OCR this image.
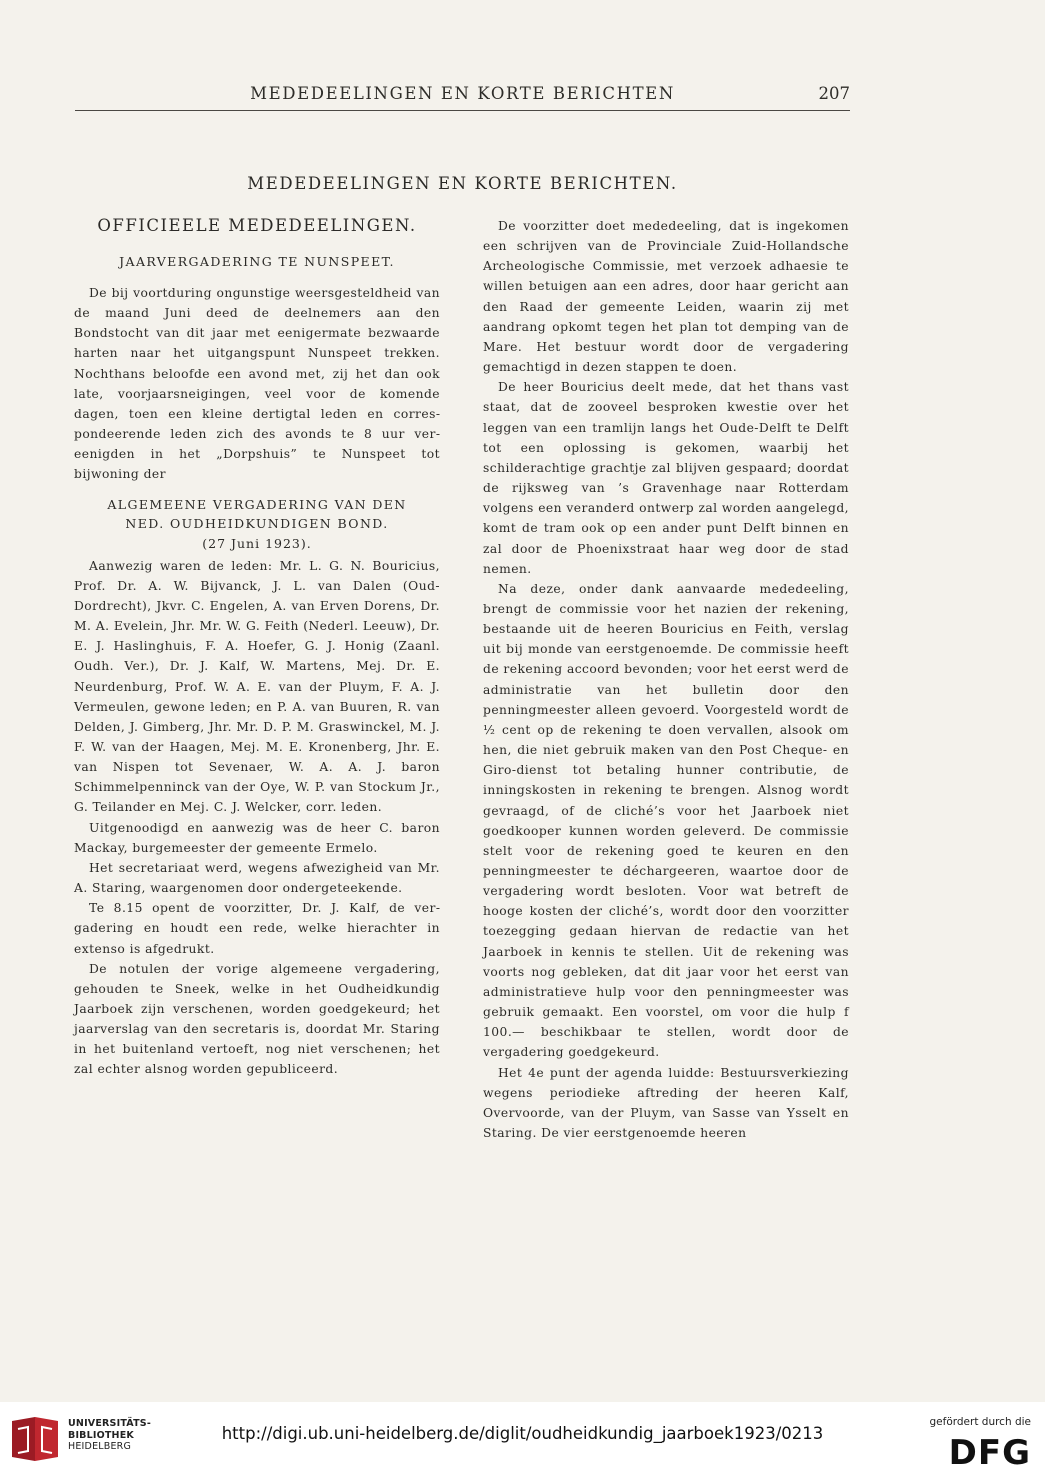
MEDEDEELINGEN EN KORTE BERICHTEN	207
MEDEDEELINGEN EN KORTE BERICHTEN.
OFFICIEELE MEDEDEELINGEN.
JAARVERGADERING TE NUNSPEET.

De bij voortduring ongunstige weersgesteldheid van de maand Juni deed de deelnemers aan den Bondstocht van dit jaar met eenigermate bezwaarde harten naar het uitgangspunt Nunspeet trekken. Nochthans beloofde een avond met, zij het dan ook late, voorjaarsneigingen, veel voor de komende dagen, toen een kleine dertigtal leden en correspondeerende leden zich des avonds te 8 uur vereenigden in het „Dorpshuis” te Nunspeet tot bijwoning der

ALGEMEENE VERGADERING VAN DEN
NED. OUDHEIDKUNDIGEN BOND.
(27 Juni 1923).

Aanwezig waren de leden: Mr. L. G. N. Bouricius, Prof. Dr. A. W. Bijvanck, J. L. van Dalen (Oud-Dordrecht), Jkvr. C. Engelen, A. van Erven Dorens, Dr. M. A. Evelein, Jhr. Mr. W. G. Feith (Nederl. Leeuw), Dr. E. J. Haslinghuis, F. A. Hoefer, G. J. Honig (Zaanl. Oudh. Ver.), Dr. J. Kalf, W. Martens, Mej. Dr. E. Neurdenburg, Prof. W. A. E. van der Pluym, F. A. J. Vermeulen, gewone leden; en P. A. van Buuren, R. van Delden, J. Gimberg, Jhr. Mr. D. P. M. Graswinckel, M. J. F. W. van der Haagen, Mej. M. E. Kronenberg, Jhr. E. van Nispen tot Sevenaer, W. A. A. J. baron Schimmelpenninck van der Oye, W. P. van Stockum Jr., G. Teilander en Mej. C. J. Welcker, corr. leden.

Uitgenoodigd en aanwezig was de heer C. baron Mackay, burgemeester der gemeente Ermelo.

Het secretariaat werd, wegens afwezigheid van Mr. A. Staring, waargenomen door ondergeteekende.

Te 8.15 opent de voorzitter, Dr. J. Kalf, de vergadering en houdt een rede, welke hierachter in extenso is afgedrukt.

De notulen der vorige algemeene vergadering, gehouden te Sneek, welke in het Oudheidkundig Jaarboek zijn verschenen, worden goedgekeurd; het jaarverslag van den secretaris is, doordat Mr. Staring in het buitenland vertoeft, nog niet verschenen; het zal echter alsnog worden gepubliceerd.

De voorzitter doet mededeeling, dat is ingekomen een schrijven van de Provinciale Zuid-Hollandsche Archeologische Commissie, met verzoek adhaesie te willen betuigen aan een adres, door haar gericht aan den Raad der gemeente Leiden, waarin zij met aandrang opkomt tegen het plan tot demping van de Mare. Het bestuur wordt door de vergadering gemachtigd in dezen stappen te doen.

De heer Bouricius deelt mede, dat het thans vast staat, dat de zooveel besproken kwestie over het leggen van een tramlijn langs het Oude-Delft te Delft tot een oplossing is gekomen, waarbij het schilderachtige grachtje zal blijven gespaard; doordat de rijksweg van ’s Gravenhage naar Rotterdam volgens een veranderd ontwerp zal worden aangelegd, komt de tram ook op een ander punt Delft binnen en zal door de Phoenixstraat haar weg door de stad nemen.

Na deze, onder dank aanvaarde mededeeling, brengt de commissie voor het nazien der rekening, bestaande uit de heeren Bouricius en Feith, verslag uit bij monde van eerstgenoemde. De commissie heeft de rekening accoord bevonden; voor het eerst werd de administratie van het bulletin door den penningmeester alleen gevoerd. Voorgesteld wordt de ½ cent op de rekening te doen vervallen, alsook om hen, die niet gebruik maken van den Post Cheque- en Giro-dienst tot betaling hunner contributie, de inningskosten in rekening te brengen. Alsnog wordt gevraagd, of de cliché’s voor het Jaarboek niet goedkooper kunnen worden geleverd. De commissie stelt voor de rekening goed te keuren en den penningmeester te déchargeeren, waartoe door de vergadering wordt besloten. Voor wat betreft de hooge kosten der cliché’s, wordt door den voorzitter toezegging gedaan hiervan de redactie van het Jaarboek in kennis te stellen. Uit de rekening was voorts nog gebleken, dat dit jaar voor het eerst van administratieve hulp voor den penningmeester was gebruik gemaakt. Een voorstel, om voor die hulp f 100.— beschikbaar te stellen, wordt door de vergadering goedgekeurd.

Het 4e punt der agenda luidde: Bestuursverkiezing wegens periodieke aftreding der heeren Kalf, Overvoorde, van der Pluym, van Sasse van Ysselt en Staring. De vier eerstgenoemde heeren

UNIVERSITÄTS-
BIBLIOTHEK
HEIDELBERG
http://digi.ub.uni-heidelberg.de/diglit/oudheidkundig_jaarboek1923/0213
gefördert durch die
DFG
